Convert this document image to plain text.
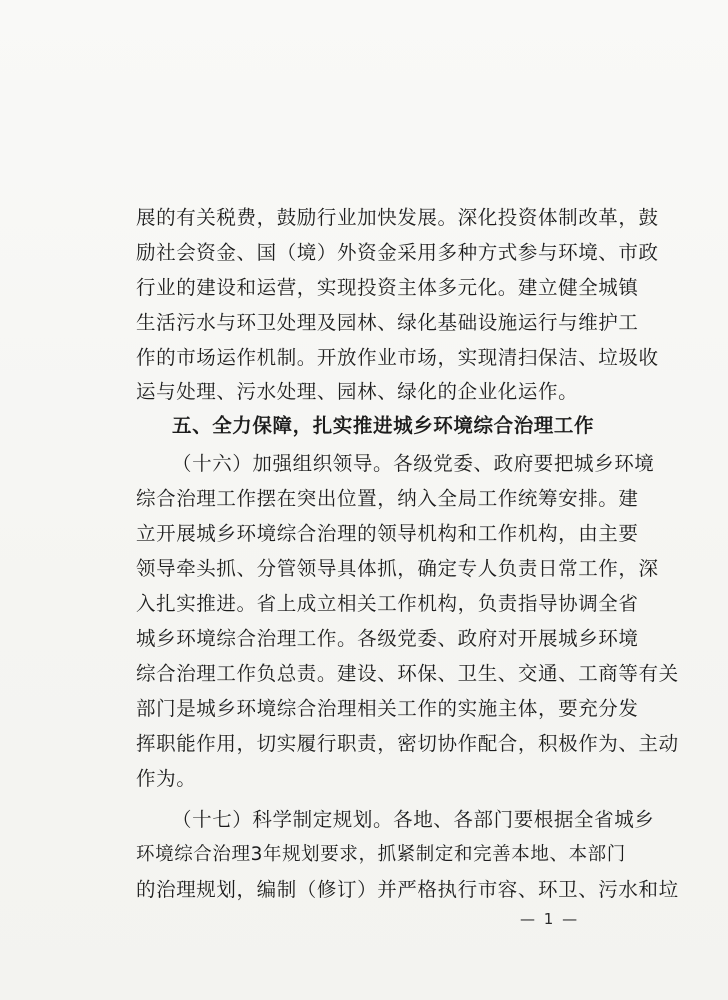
展的有关税费，鼓励行业加快发展。深化投资体制改革，鼓
励社会资金、国（境）外资金采用多种方式参与环境、市政
行业的建设和运营，实现投资主体多元化。建立健全城镇
生活污水与环卫处理及园林、绿化基础设施运行与维护工
作的市场运作机制。开放作业市场，实现清扫保洁、垃圾收
运与处理、污水处理、园林、绿化的企业化运作。
五、全力保障，扎实推进城乡环境综合治理工作
（十六）加强组织领导。各级党委、政府要把城乡环境
综合治理工作摆在突出位置，纳入全局工作统筹安排。建
立开展城乡环境综合治理的领导机构和工作机构，由主要
领导牵头抓、分管领导具体抓，确定专人负责日常工作，深
入扎实推进。省上成立相关工作机构，负责指导协调全省
城乡环境综合治理工作。各级党委、政府对开展城乡环境
综合治理工作负总责。建设、环保、卫生、交通、工商等有关
部门是城乡环境综合治理相关工作的实施主体，要充分发
挥职能作用，切实履行职责，密切协作配合，积极作为、主动
作为。
（十七）科学制定规划。各地、各部门要根据全省城乡
环境综合治理3年规划要求，抓紧制定和完善本地、本部门
的治理规划，编制（修订）并严格执行市容、环卫、污水和垃
— 1 —
